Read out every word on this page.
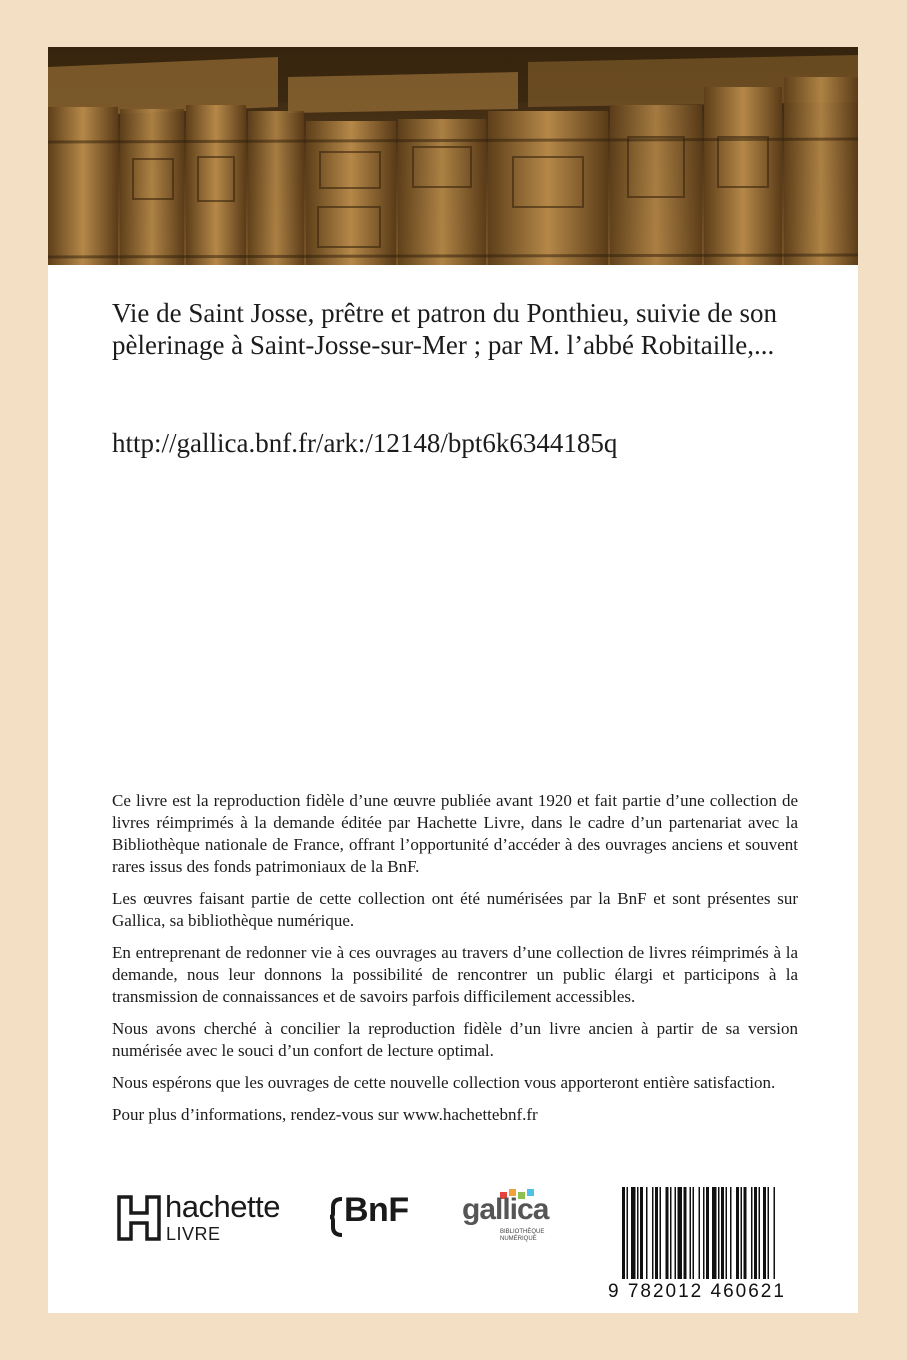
Vie de Saint Josse, prêtre et patron du Ponthieu, suivie de son pèlerinage à Saint-Josse-sur-Mer ; par M. l’abbé Robitaille,...
http://gallica.bnf.fr/ark:/12148/bpt6k6344185q

Ce livre est la reproduction fidèle d’une œuvre publiée avant 1920 et fait partie d’une collection de livres réimprimés à la demande éditée par Hachette Livre, dans le cadre d’un partenariat avec la Bibliothèque nationale de France, offrant l’opportunité d’accéder à des ouvrages anciens et souvent rares issus des fonds patrimoniaux de la BnF.

Les œuvres faisant partie de cette collection ont été numérisées par la BnF et sont présentes sur Gallica, sa bibliothèque numérique.

En entreprenant de redonner vie à ces ouvrages au travers d’une collection de livres réimprimés à la demande, nous leur donnons la possibilité de rencontrer un public élargi et participons à la transmission de connaissances et de savoirs parfois difficilement accessibles.

Nous avons cherché à concilier la reproduction fidèle d’un livre ancien à partir de sa version numérisée avec le souci d’un confort de lecture optimal.

Nous espérons que les ouvrages de cette nouvelle collection vous apporteront entière satisfaction.

Pour plus d’informations, rendez-vous sur www.hachettebnf.fr

hachette
LIVRE
BnF gallica
BIBLIOTHÈQUE
NUMÉRIQUE
9 782012 460621
